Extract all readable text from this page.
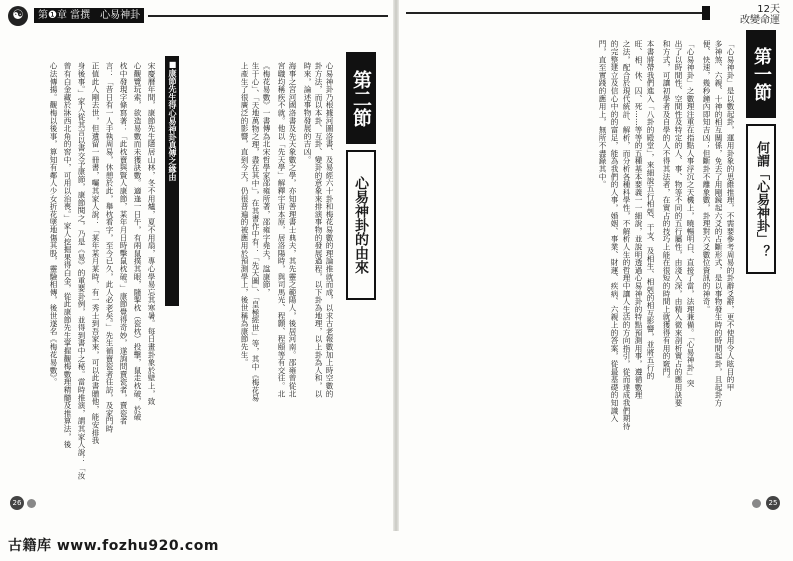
☯	第❶章 當撰　心易神卦
第二節
心易神卦的由來
心易神卦乃根據河圖洛書、及易經六十卦和梅花易數的理論推就而成，以求古老報數加上時空數的
卦方法，而以本卦、互卦、變卦的意象來排演事物的發展過程，以下卦為地理，以上卦為人和，以
時來，論述事物發展的吉凶。
海事之宮河國洛書及先天象數之學，亦知善理書士典夫，其先靈之範陽人，後居河南。邵雍曾從北
宮職均稱疾不就。他以「先天學」解釋宇宙本原，居洛陽時，與司馬光、程顥、程頤等有交往。北
《梅花易數》一書傳為北宋哲學家邵雍所著，邵雍字堯夫，諡康節，
生于心」、「天地萬物之理，盡在其中」，在其書作中有：「先天圖」、「皇極經世」等，其中《梅花易
上產生了很廣泛的影響，直到今天，仍很普遍的被應用於預測學上，後世稱為康節先生。
■康節先生得心易神卦真傳之緣由
宋慶曆年間，康節先生隱居山林，冬不用爐，夏不用扇，專心學易忘其寒暑。每日畫卦象於壁上，致
心觀覽玩索，欲造易數而未獲訣數。適逢一日午，有兩鼠撲其眼，隨掣枕（瓷枕）投擊，鼠走枕破，於破
枕中發現字條寫著：「此枕賣與賢人康節，某年月日時擊鼠枕破。」康節覺得奇妙，遂詢問賣瓷者，賣瓷者
言：「昔日有一人手執周易，休憩於此，舉枕看字，至今已久，此人必老矣。」先生循賣瓷者往訪，及家門時
正值此人剛去世，但遺留一冊書，囑其家人說：「某年某月某時，有一秀士到吾家來，可以此書贈他，能安排我
身後事。」家人從其言以書交予康節，康節閱之，乃是《易》的重要卦例，並得到書中之秘。當時推演，謂其家人說：「汝
曾有白金藏於牀西北角的窖中，可用以治喪。」家人挖掘果得白金，從此康節先生掌握觀梅數理精髓及推算法，後
心法傳揚。觀梅以後事，算知有鄰人少女折花墜地傷其股，靈驗相傳，後世遂名《梅花易數》。
26
12天
改變命運
第一節
何謂「心易神卦」？
「心易神卦」是以數起卦，運用卦象的思維推理，不需要參考周易的卦辭爻辭，更不使用令人眩目的甲
多神煞、六親、十神的相互關係，免去了用剛鏡起六爻的占斷形式，是以事物發生時的時間起卦，且起卦方
便、快速，幾秒鐘內即知吉凶；但斷卦不離象數，卦理對六爻數位資訊的神奇。
「心易神卦」之數理注重在指點人事浮沉之天機上，曉暢明白、直接了當，法理兼備。「心易神卦」突
出了以時間性、空間性及特定的人、事、物等不同的五行屬性，由淺入深，由精入微來剖析實占的應用訣要
和方式，可讓初學者及自學的人不得其法者，在實占的技巧上能在很短的時間上就獲得有用的竅門。
本書將帶我們進入「八卦的殿堂」，來細說五行相剋、干支、及相生、相剋的相互影響，並將五行的
旺、相、休、囚、死……等等的五種基本要義一一細說，並說明透過心易神卦的特點預測用事，遵循數理
之法，配合於現代統計、解析，而分析各種科學性，不解析人生的哲理中讓人生活的方向指引，從而達成我們期待
的完整建立及信心中的的富足，能為我們的人事，婚姻、事業、財運、疾病、六親上的答案，從最基礎的知識入
門，直至實踐的應用上，無所不盡錄其中。
25
古籍库 www.fozhu920.com
